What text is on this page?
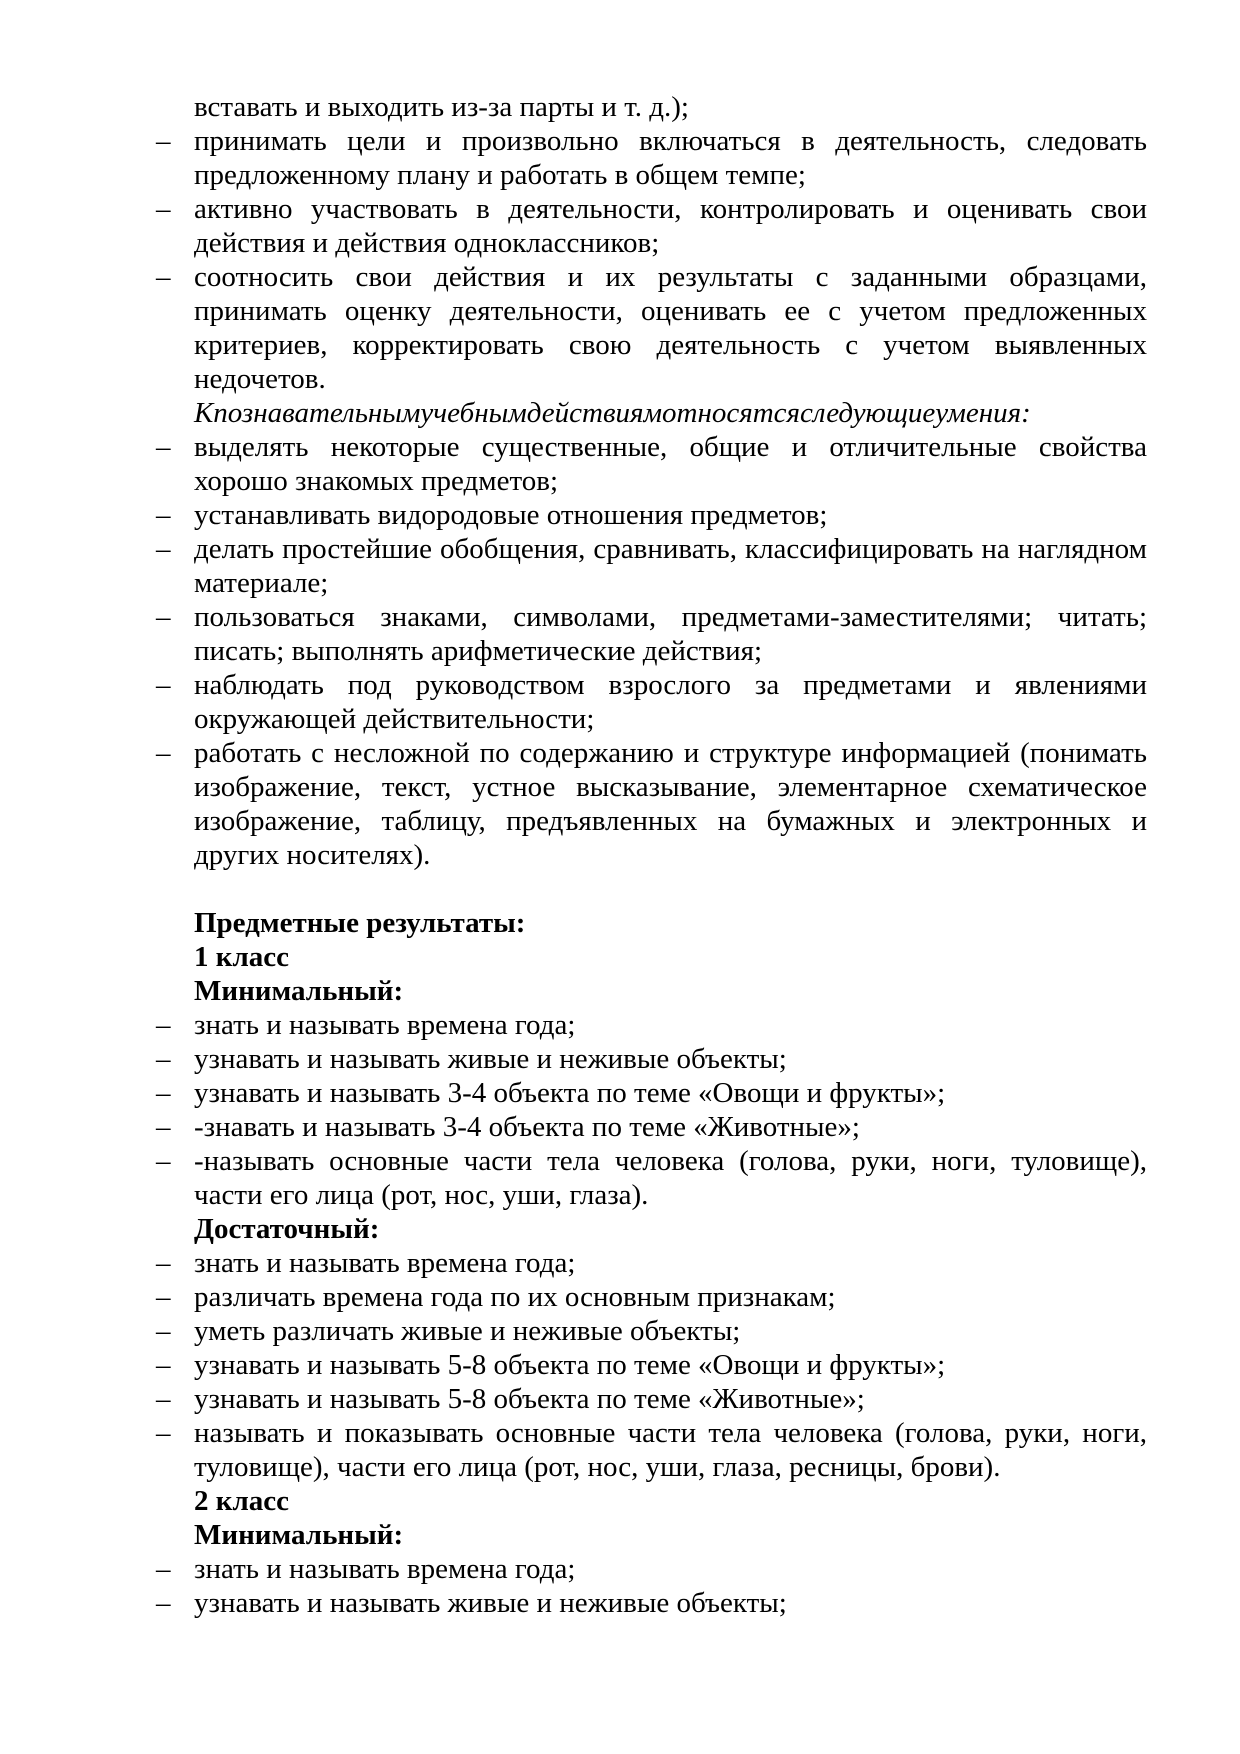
вставать и выходить из-за парты и т. д.);
– принимать цели и произвольно включаться в деятельность, следовать предложенному плану и работать в общем темпе;
– активно участвовать в деятельности, контролировать и оценивать свои действия и действия одноклассников;
– соотносить свои действия и их результаты с заданными образцами, принимать оценку деятельности, оценивать ее с учетом предложенных критериев, корректировать свою деятельность с учетом выявленных недочетов.
Кпознавательнымучебнымдействиямотносятсяследующиеумения:
– выделять некоторые существенные, общие и отличительные свойства хорошо знакомых предметов;
– устанавливать видородовые отношения предметов;
– делать простейшие обобщения, сравнивать, классифицировать на наглядном материале;
– пользоваться знаками, символами, предметами-заместителями; читать; писать; выполнять арифметические действия;
– наблюдать под руководством взрослого за предметами и явлениями окружающей действительности;
– работать с несложной по содержанию и структуре информацией (понимать изображение, текст, устное высказывание, элементарное схематическое изображение, таблицу, предъявленных на бумажных и электронных и других носителях).
Предметные результаты:
1 класс
Минимальный:
– знать и называть времена года;
– узнавать и называть живые и неживые объекты;
– узнавать и называть 3-4 объекта по теме «Овощи и фрукты»;
– -знавать и называть 3-4 объекта по теме «Животные»;
– -называть основные части тела человека (голова, руки, ноги, туловище), части его лица (рот, нос, уши, глаза).
Достаточный:
– знать и называть времена года;
– различать времена года по их основным признакам;
– уметь различать живые и неживые объекты;
– узнавать и называть 5-8 объекта по теме «Овощи и фрукты»;
– узнавать и называть 5-8 объекта по теме «Животные»;
– называть и показывать основные части тела человека (голова, руки, ноги, туловище), части его лица (рот, нос, уши, глаза, ресницы, брови).
2 класс
Минимальный:
– знать и называть времена года;
– узнавать и называть живые и неживые объекты;
